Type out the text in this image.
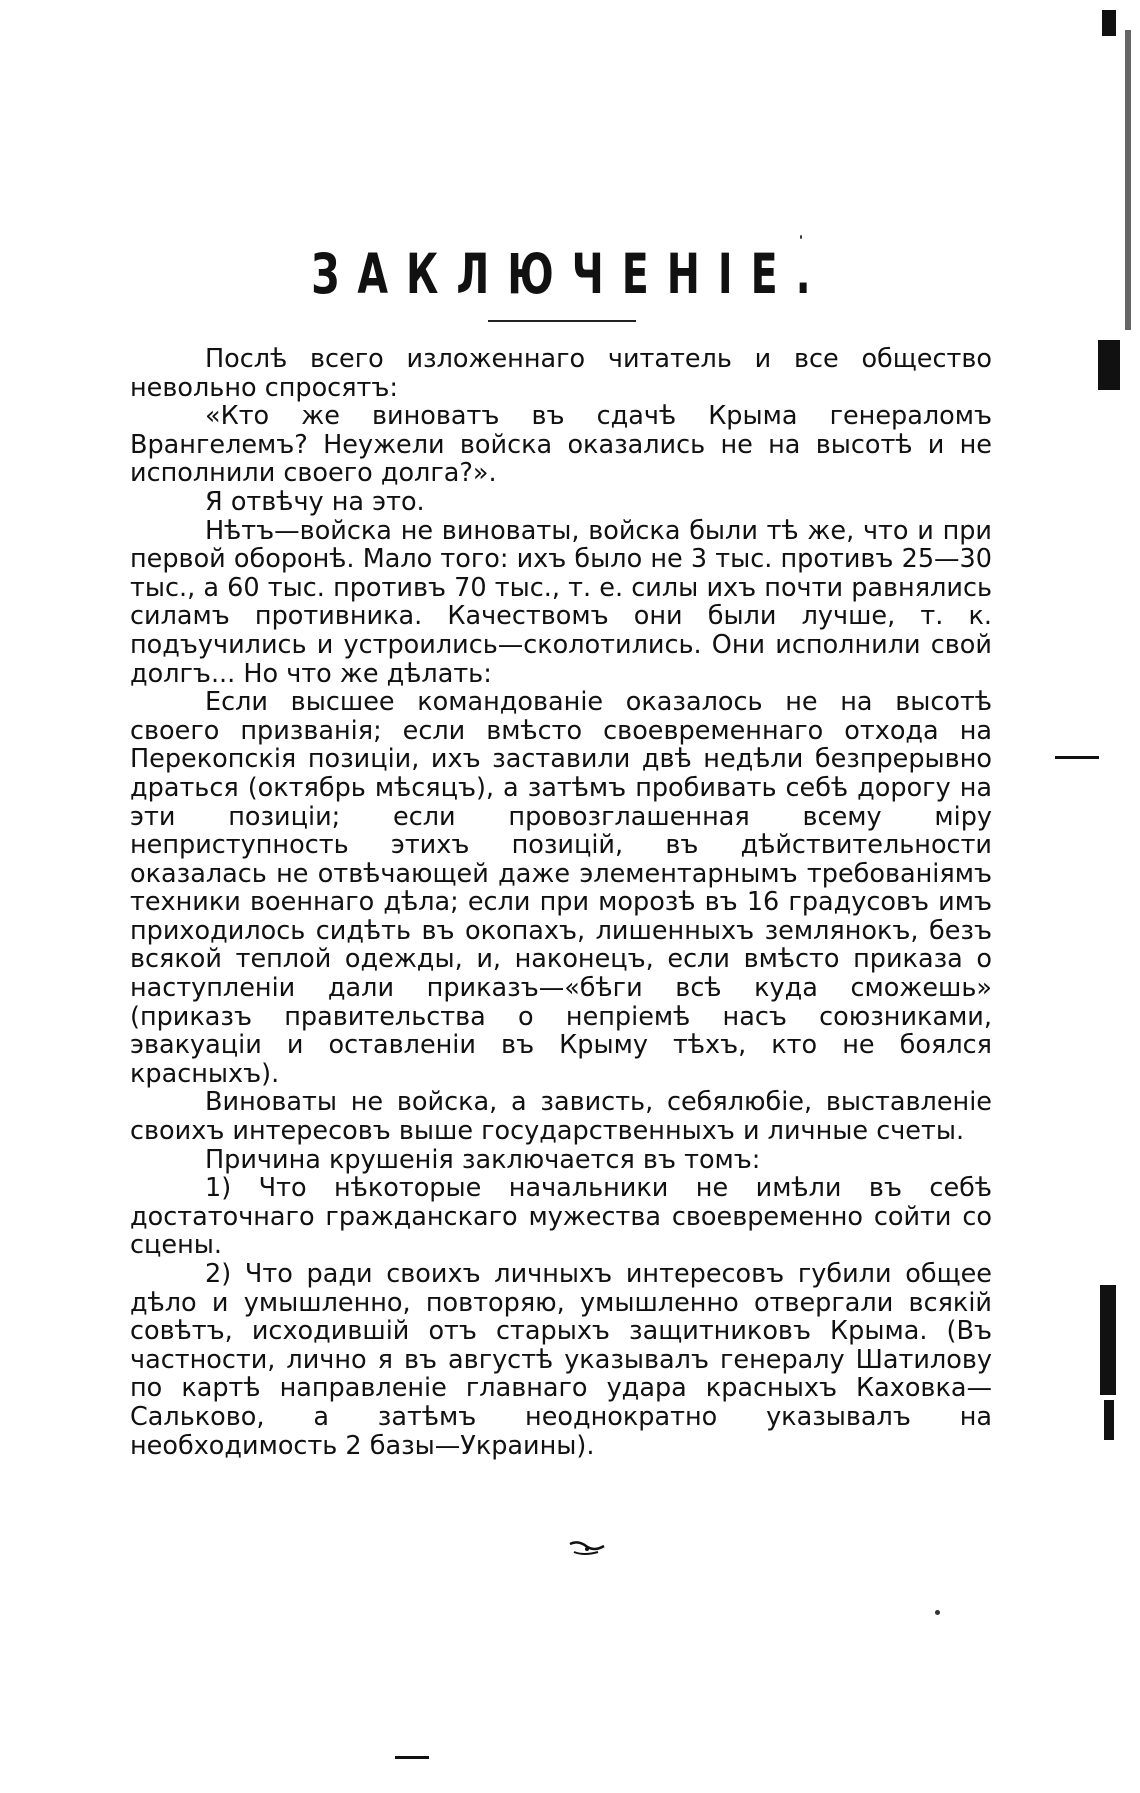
ЗАКЛЮЧЕНІЕ.

Послѣ всего изложеннаго читатель и все общество невольно спросятъ:

«Кто же виноватъ въ сдачѣ Крыма генераломъ Врангелемъ? Неужели войска оказались не на высотѣ и не исполнили своего долга?».

Я отвѣчу на это.

Нѣтъ—войска не виноваты, войска были тѣ же, что и при первой оборонѣ. Мало того: ихъ было не 3 тыс. противъ 25—30 тыс., а 60 тыс. противъ 70 тыс., т. е. силы ихъ почти равнялись силамъ противника. Качествомъ они были лучше, т. к. подъучились и устроились—сколотились. Они исполнили свой долгъ... Но что же дѣлать:

Если высшее командованіе оказалось не на высотѣ своего призванія; если вмѣсто своевременнаго отхода на Перекопскія позиціи, ихъ заставили двѣ недѣли безпрерывно драться (октябрь мѣсяцъ), а затѣмъ пробивать себѣ дорогу на эти позиціи; если провозглашенная всему міру неприступность этихъ позицій, въ дѣйствительности оказалась не отвѣчающей даже элементарнымъ требованіямъ техники военнаго дѣла; если при морозѣ въ 16 градусовъ имъ приходилось сидѣть въ окопахъ, лишенныхъ землянокъ, безъ всякой теплой одежды, и, наконецъ, если вмѣсто приказа о наступленіи дали приказъ—«бѣги всѣ куда сможешь» (приказъ правительства о непріемѣ насъ союзниками, эвакуаціи и оставленіи въ Крыму тѣхъ, кто не боялся красныхъ).

Виноваты не войска, а зависть, себялюбіе, выставленіе своихъ интересовъ выше государственныхъ и личные счеты.

Причина крушенія заключается въ томъ:

1) Что нѣкоторые начальники не имѣли въ себѣ достаточнаго гражданскаго мужества своевременно сойти со сцены.

2) Что ради своихъ личныхъ интересовъ губили общее дѣло и умышленно, повторяю, умышленно отвергали всякій совѣтъ, исходившій отъ старыхъ защитниковъ Крыма. (Въ частности, лично я въ августѣ указывалъ генералу Шатилову по картѣ направленіе главнаго удара красныхъ Каховка—Сальково, а затѣмъ неоднократно указывалъ на необходимость 2 базы—Украины).
